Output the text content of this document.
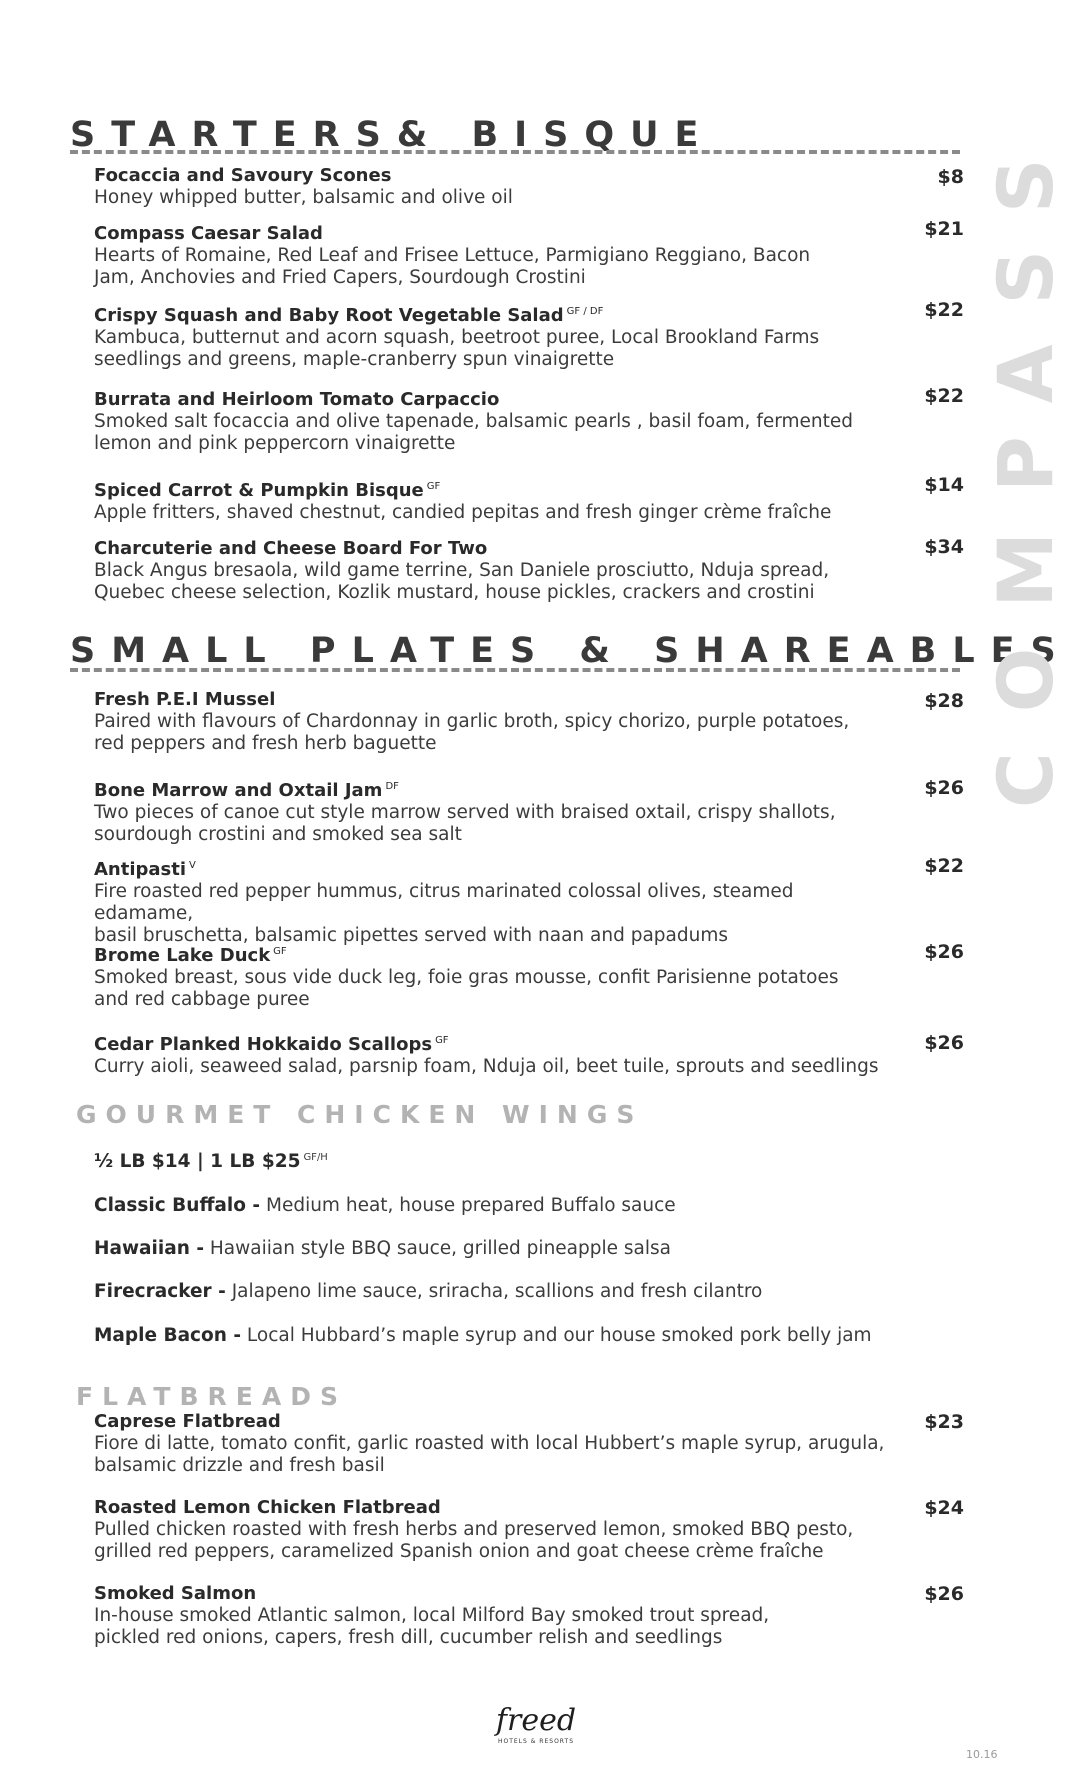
STARTERS& BISQUE
Focaccia and Savoury Scones
Honey whipped butter, balsamic and olive oil
$8
Compass Caesar Salad
Hearts of Romaine, Red Leaf and Frisee Lettuce, Parmigiano Reggiano, Bacon
Jam, Anchovies and Fried Capers, Sourdough Crostini
$21
Crispy Squash and Baby Root Vegetable Salad $^{GF / DF}$
Kambuca, butternut and acorn squash, beetroot puree, Local Brookland Farms
seedlings and greens, maple-cranberry spun vinaigrette
$22
Burrata and Heirloom Tomato Carpaccio
Smoked salt focaccia and olive tapenade, balsamic pearls , basil foam, fermented
lemon and pink peppercorn vinaigrette
$22
Spiced Carrot & Pumpkin Bisque $^{GF}$
Apple fritters, shaved chestnut, candied pepitas and fresh ginger crème fraîche
$14
Charcuterie and Cheese Board For Two
Black Angus bresaola, wild game terrine, San Daniele prosciutto, Nduja spread,
Quebec cheese selection, Kozlik mustard, house pickles, crackers and crostini
$34
SMALL PLATES & SHAREABLES
Fresh P.E.I Mussel
Paired with flavours of Chardonnay in garlic broth, spicy chorizo, purple potatoes,
red peppers and fresh herb baguette
$28
Bone Marrow and Oxtail Jam $^{DF}$
Two pieces of canoe cut style marrow served with braised oxtail, crispy shallots,
sourdough crostini and smoked sea salt
$26
Antipasti $^V$
Fire roasted red pepper hummus, citrus marinated colossal olives, steamed edamame,
basil bruschetta, balsamic pipettes served with naan and papadums
$22
Brome Lake Duck $^{GF}$
Smoked breast, sous vide duck leg, foie gras mousse, confit Parisienne potatoes
and red cabbage puree
$26
Cedar Planked Hokkaido Scallops $^{GF}$
Curry aioli, seaweed salad, parsnip foam, Nduja oil, beet tuile, sprouts and seedlings
$26
GOURMET CHICKEN WINGS
½ LB $14 | 1 LB $25 $^{GF/H}$
Classic Buffalo - Medium heat, house prepared Buffalo sauce
Hawaiian - Hawaiian style BBQ sauce, grilled pineapple salsa
Firecracker - Jalapeno lime sauce, sriracha, scallions and fresh cilantro
Maple Bacon - Local Hubbard’s maple syrup and our house smoked pork belly jam
FLATBREADS
Caprese Flatbread
Fiore di latte, tomato confit, garlic roasted with local Hubbert’s maple syrup, arugula,
balsamic drizzle and fresh basil
$23
Roasted Lemon Chicken Flatbread
Pulled chicken roasted with fresh herbs and preserved lemon, smoked BBQ pesto,
grilled red peppers, caramelized Spanish onion and goat cheese crème fraîche
$24
Smoked Salmon
In-house smoked Atlantic salmon, local Milford Bay smoked trout spread,
pickled red onions, capers, fresh dill, cucumber relish and seedlings
$26
COMPASS
freed
HOTELS & RESORTS
10.16
